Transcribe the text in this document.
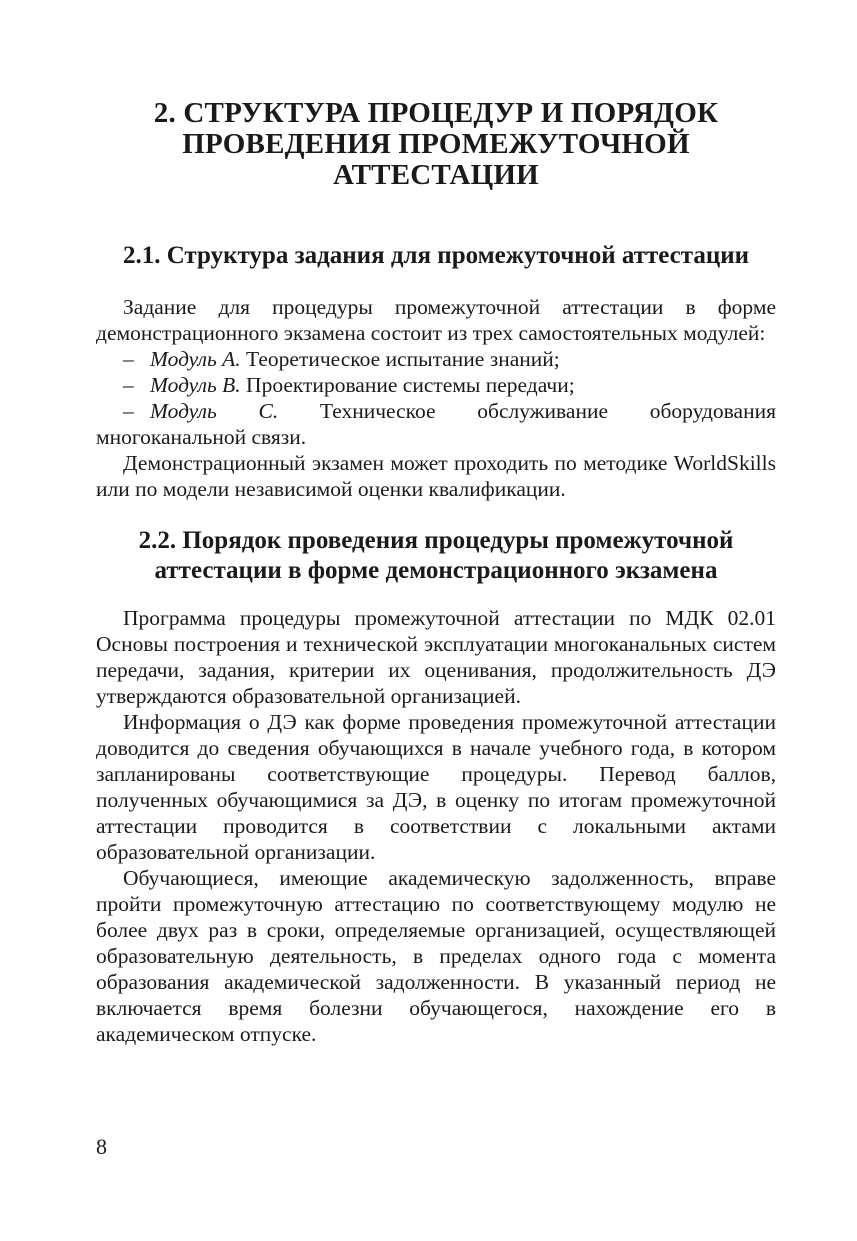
2. СТРУКТУРА ПРОЦЕДУР И ПОРЯДОК
ПРОВЕДЕНИЯ ПРОМЕЖУТОЧНОЙ
АТТЕСТАЦИИ
2.1. Структура задания для промежуточной аттестации

Задание для процедуры промежуточной аттестации в форме демонстрационного экзамена состоит из трех самостоятельных модулей:

– Модуль А. Теоретическое испытание знаний;

– Модуль В. Проектирование системы передачи;

– Модуль С. Техническое обслуживание оборудования многоканальной связи.

Демонстрационный экзамен может проходить по методике WorldSkills или по модели независимой оценки квалификации.

2.2. Порядок проведения процедуры промежуточной
аттестации в форме демонстрационного экзамена

Программа процедуры промежуточной аттестации по МДК 02.01 Основы построения и технической эксплуатации многоканальных систем передачи, задания, критерии их оценивания, продолжительность ДЭ утверждаются образовательной организацией.

Информация о ДЭ как форме проведения промежуточной аттестации доводится до сведения обучающихся в начале учебного года, в котором запланированы соответствующие процедуры. Перевод баллов, полученных обучающимися за ДЭ, в оценку по итогам промежуточной аттестации проводится в соответствии с локальными актами образовательной организации.

Обучающиеся, имеющие академическую задолженность, вправе пройти промежуточную аттестацию по соответствующему модулю не более двух раз в сроки, определяемые организацией, осуществляющей образовательную деятельность, в пределах одного года с момента образования академической задолженности. В указанный период не включается время болезни обучающегося, нахождение его в академическом отпуске.

8
